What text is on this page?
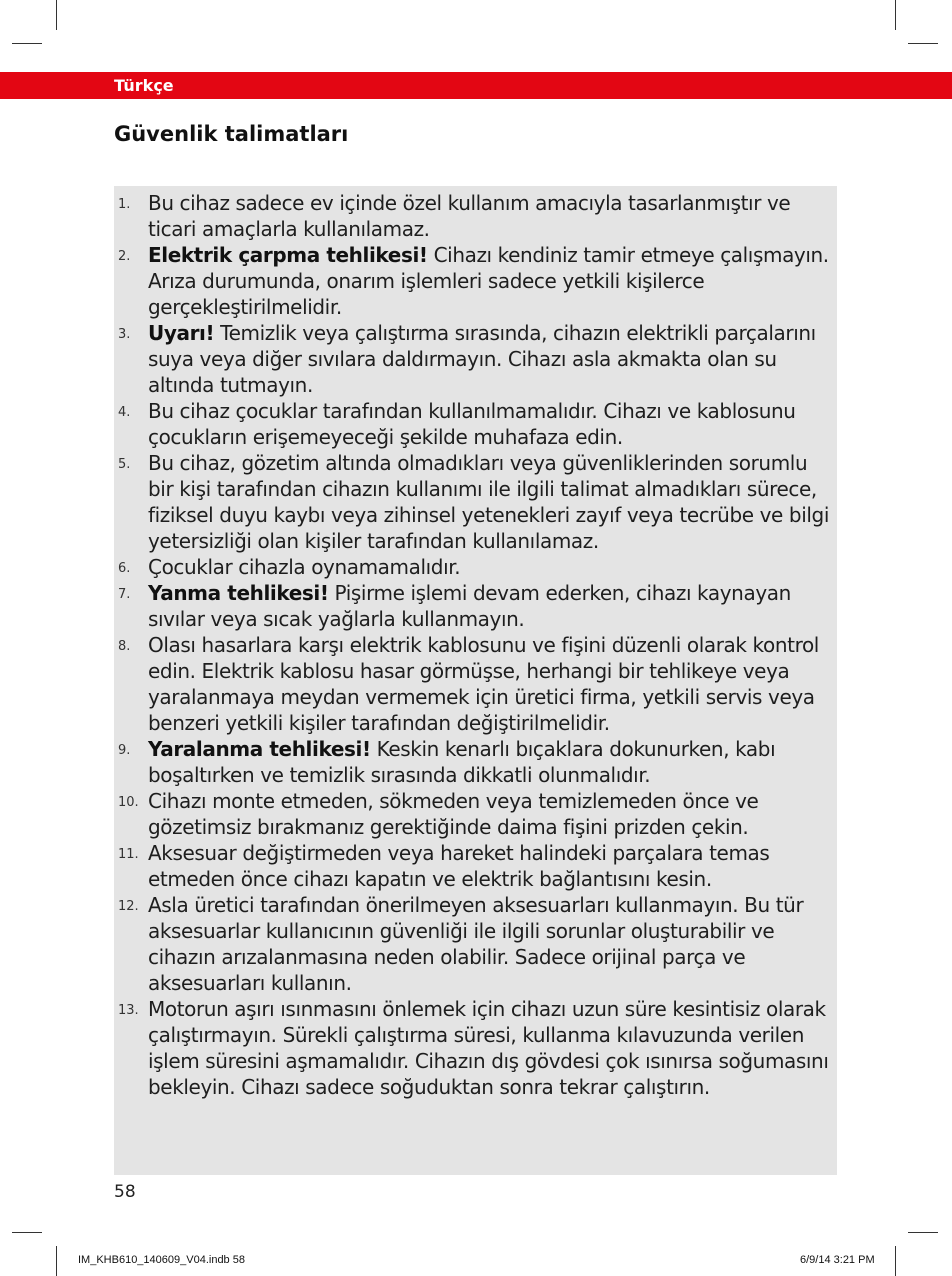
Türkçe
Güvenlik talimatları
1. Bu cihaz sadece ev içinde özel kullanım amacıyla tasarlanmıştır ve ticari amaçlarla kullanılamaz.
2. Elektrik çarpma tehlikesi! Cihazı kendiniz tamir etmeye çalışmayın. Arıza durumunda, onarım işlemleri sadece yetkili kişilerce gerçekleştirilmelidir.
3. Uyarı! Temizlik veya çalıştırma sırasında, cihazın elektrikli parçalarını suya veya diğer sıvılara daldırmayın. Cihazı asla akmakta olan su altında tutmayın.
4. Bu cihaz çocuklar tarafından kullanılmamalıdır. Cihazı ve kablosunu çocukların erişemeyeceği şekilde muhafaza edin.
5. Bu cihaz, gözetim altında olmadıkları veya güvenliklerinden sorumlu bir kişi tarafından cihazın kullanımı ile ilgili talimat almadıkları sürece, fiziksel duyu kaybı veya zihinsel yetenekleri zayıf veya tecrübe ve bilgi yetersizliği olan kişiler tarafından kullanılamaz.
6. Çocuklar cihazla oynamamalıdır.
7. Yanma tehlikesi! Pişirme işlemi devam ederken, cihazı kaynayan sıvılar veya sıcak yağlarla kullanmayın.
8. Olası hasarlara karşı elektrik kablosunu ve fişini düzenli olarak kontrol edin. Elektrik kablosu hasar görmüşse, herhangi bir tehlikeye veya yaralanmaya meydan vermemek için üretici firma, yetkili servis veya benzeri yetkili kişiler tarafından değiştirilmelidir.
9. Yaralanma tehlikesi! Keskin kenarlı bıçaklara dokunurken, kabı boşaltırken ve temizlik sırasında dikkatli olunmalıdır.
10. Cihazı monte etmeden, sökmeden veya temizlemeden önce ve gözetimsiz bırakmanız gerektiğinde daima fişini prizden çekin.
11. Aksesuar değiştirmeden veya hareket halindeki parçalara temas etmeden önce cihazı kapatın ve elektrik bağlantısını kesin.
12. Asla üretici tarafından önerilmeyen aksesuarları kullanmayın. Bu tür aksesuarlar kullanıcının güvenliği ile ilgili sorunlar oluşturabilir ve cihazın arızalanmasına neden olabilir. Sadece orijinal parça ve aksesuarları kullanın.
13. Motorun aşırı ısınmasını önlemek için cihazı uzun süre kesintisiz olarak çalıştırmayın. Sürekli çalıştırma süresi, kullanma kılavuzunda verilen işlem süresini aşmamalıdır. Cihazın dış gövdesi çok ısınırsa soğumasını bekleyin. Cihazı sadece soğuduktan sonra tekrar çalıştırın.
58
IM_KHB610_140609_V04.indb 58	6/9/14 3:21 PM
